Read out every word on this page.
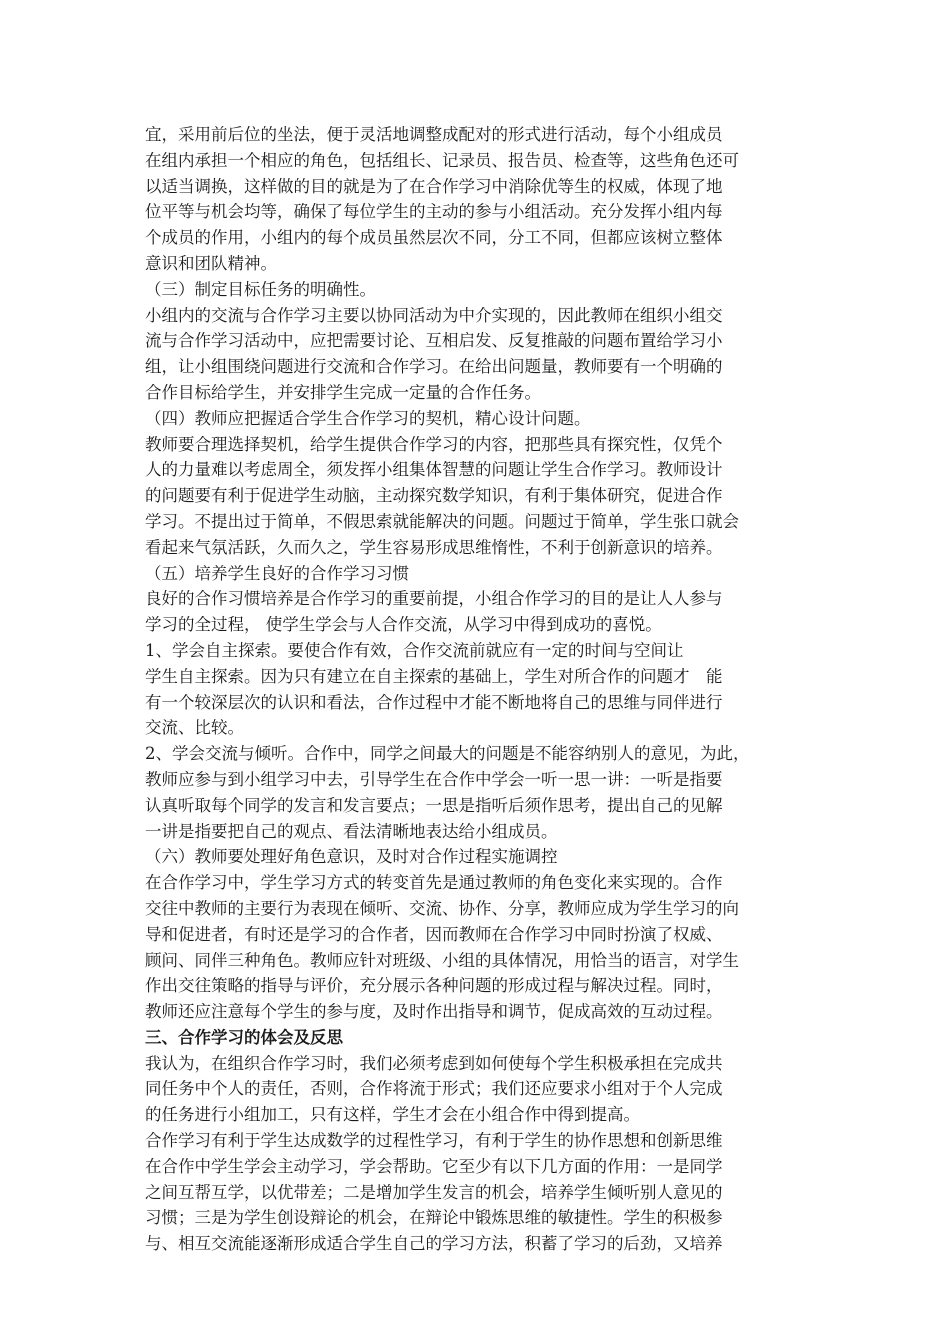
宜，采用前后位的坐法，便于灵活地调整成配对的形式进行活动，每个小组成员
在组内承担一个相应的角色，包括组长、记录员、报告员、检查等，这些角色还可
以适当调换，这样做的目的就是为了在合作学习中消除优等生的权威，体现了地
位平等与机会均等，确保了每位学生的主动的参与小组活动。充分发挥小组内每
个成员的作用，小组内的每个成员虽然层次不同，分工不同，但都应该树立整体
意识和团队精神。
（三）制定目标任务的明确性。
小组内的交流与合作学习主要以协同活动为中介实现的，因此教师在组织小组交
流与合作学习活动中，应把需要讨论、互相启发、反复推敲的问题布置给学习小
组，让小组围绕问题进行交流和合作学习。在给出问题量，教师要有一个明确的
合作目标给学生，并安排学生完成一定量的合作任务。
（四）教师应把握适合学生合作学习的契机，精心设计问题。
教师要合理选择契机，给学生提供合作学习的内容，把那些具有探究性，仅凭个
人的力量难以考虑周全，须发挥小组集体智慧的问题让学生合作学习。教师设计
的问题要有利于促进学生动脑，主动探究数学知识，有利于集体研究，促进合作
学习。不提出过于简单，不假思索就能解决的问题。问题过于简单，学生张口就会
看起来气氛活跃，久而久之，学生容易形成思维惰性，不利于创新意识的培养。
（五）培养学生良好的合作学习习惯
良好的合作习惯培养是合作学习的重要前提，小组合作学习的目的是让人人参与
学习的全过程， 使学生学会与人合作交流，从学习中得到成功的喜悦。
1、学会自主探索。要使合作有效，合作交流前就应有一定的时间与空间让
学生自主探索。因为只有建立在自主探索的基础上，学生对所合作的问题才　能
有一个较深层次的认识和看法，合作过程中才能不断地将自己的思维与同伴进行
交流、比较。
2、学会交流与倾听。合作中，同学之间最大的问题是不能容纳别人的意见，为此，
教师应参与到小组学习中去，引导学生在合作中学会一听一思一讲：一听是指要
认真听取每个同学的发言和发言要点；一思是指听后须作思考，提出自己的见解
一讲是指要把自己的观点、看法清晰地表达给小组成员。
（六）教师要处理好角色意识，及时对合作过程实施调控
在合作学习中，学生学习方式的转变首先是通过教师的角色变化来实现的。合作
交往中教师的主要行为表现在倾听、交流、协作、分享，教师应成为学生学习的向
导和促进者，有时还是学习的合作者，因而教师在合作学习中同时扮演了权威、
顾问、同伴三种角色。教师应针对班级、小组的具体情况，用恰当的语言，对学生
作出交往策略的指导与评价，充分展示各种问题的形成过程与解决过程。同时，
教师还应注意每个学生的参与度，及时作出指导和调节，促成高效的互动过程。
三、合作学习的体会及反思
我认为，在组织合作学习时，我们必须考虑到如何使每个学生积极承担在完成共
同任务中个人的责任，否则，合作将流于形式；我们还应要求小组对于个人完成
的任务进行小组加工，只有这样，学生才会在小组合作中得到提高。
合作学习有利于学生达成数学的过程性学习，有利于学生的协作思想和创新思维
在合作中学生学会主动学习，学会帮助。它至少有以下几方面的作用：一是同学
之间互帮互学，以优带差；二是增加学生发言的机会，培养学生倾听别人意见的
习惯；三是为学生创设辩论的机会，在辩论中锻炼思维的敏捷性。学生的积极参
与、相互交流能逐渐形成适合学生自己的学习方法，积蓄了学习的后劲，又培养
